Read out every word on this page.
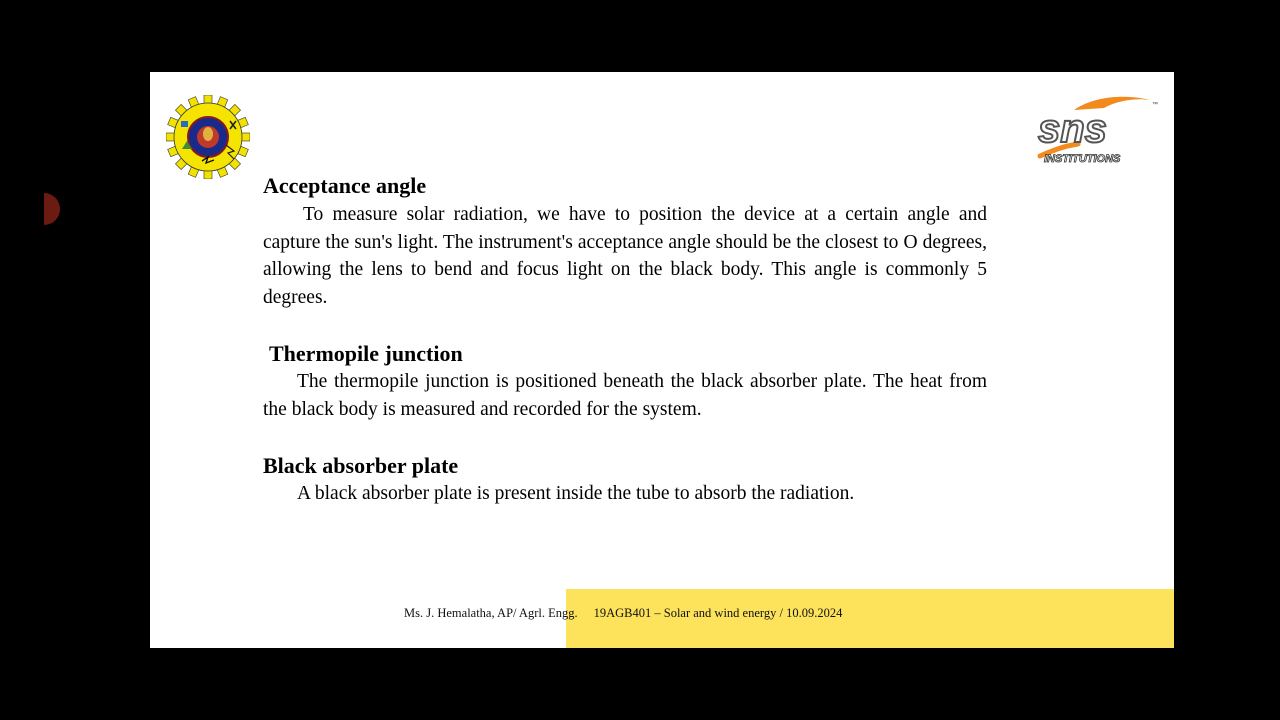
sns
™
INSTITUTIONS

Acceptance angle

To measure solar radiation, we have to position the device at a certain angle and capture the sun's light. The instrument's acceptance angle should be the closest to O degrees, allowing the lens to bend and focus light on the black body. This angle is commonly 5 degrees.

Thermopile junction

The thermopile junction is positioned beneath the black absorber plate. The heat from the black body is measured and recorded for the system.

Black absorber plate

A black absorber plate is present inside the tube to absorb the radiation.

Ms. J. Hemalatha, AP/ Agrl. Engg. 19AGB401 – Solar and wind energy / 10.09.2024
